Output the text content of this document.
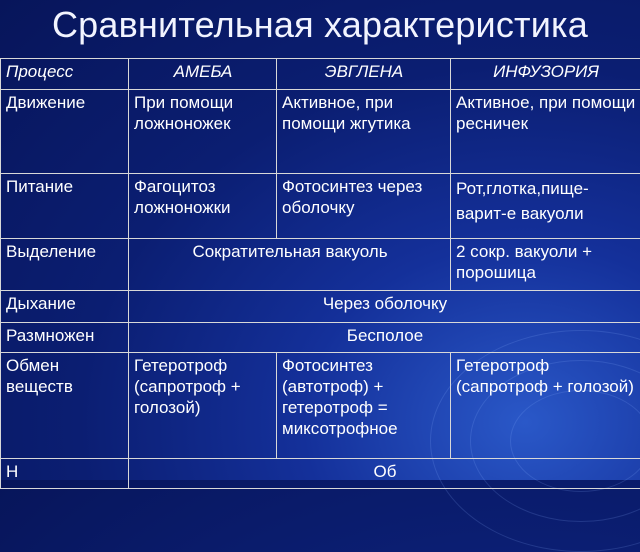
Сравнительная характеристика
Процесс	АМЕБА	ЭВГЛЕНА	ИНФУЗОРИЯ
Движение	При помощи ложноножек	Активное, при помощи жгутика	Активное, при помощи ресничек
Питание	Фагоцитоз ложноножки	Фотосинтез через оболочку	Рот,глотка,пище-варит-е вакуоли
Выделение	Сократительная вакуоль		2 сокр. вакуоли + порошица
Дыхание	Через оболочку		
Размножен	Бесполое		
Обмен веществ	Гетеротроф (сапротроф + голозой)	Фотосинтез (автотроф) + гетеротроф = миксотрофное	Гетеротроф (сапротроф + голозой)
Н	Об		
